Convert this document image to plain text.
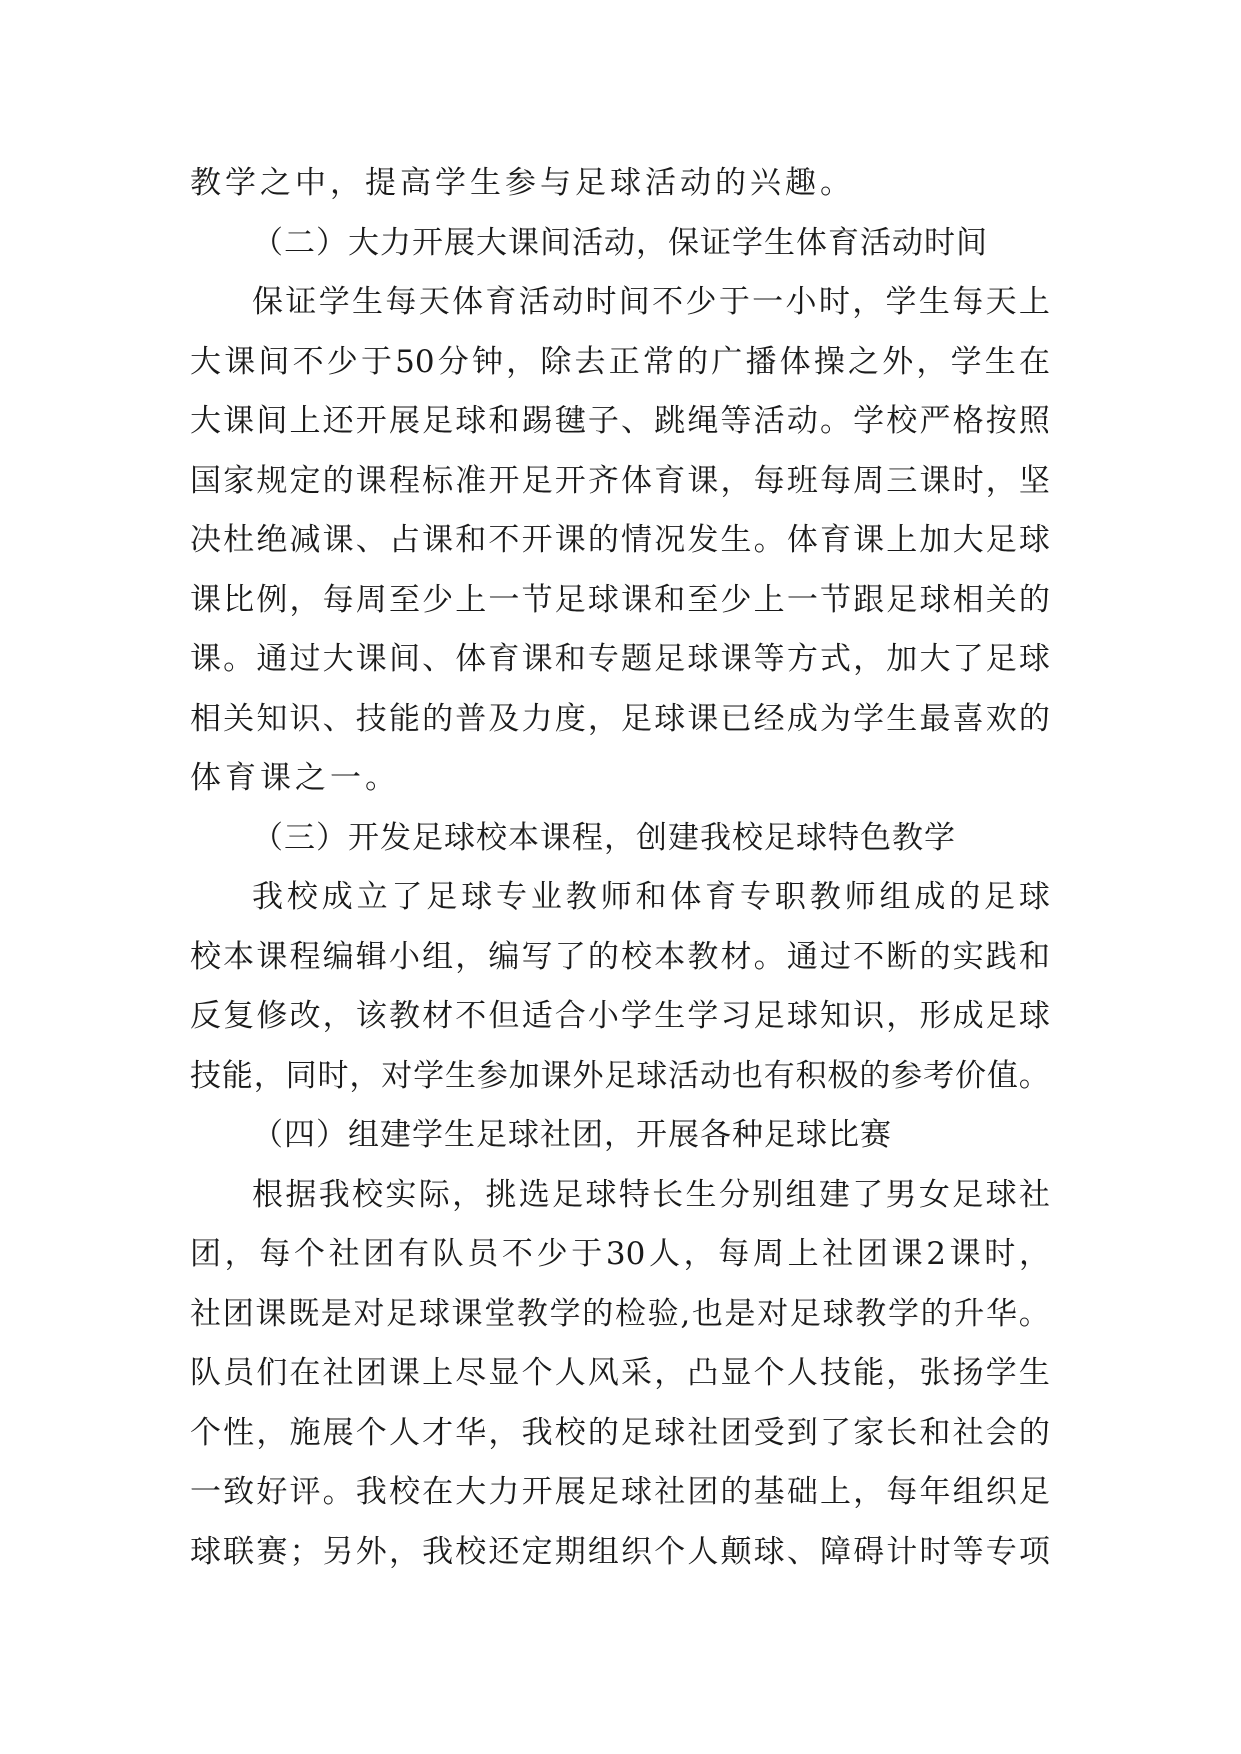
教学之中，提高学生参与足球活动的兴趣。
（二）大力开展大课间活动，保证学生体育活动时间
保 证 学 生 每 天 体 育 活 动 时 间 不 少 于 一 小 时 ， 学 生 每 天 上
大 课 间 不 少 于 50 分 钟 ， 除 去 正 常 的 广 播 体 操 之 外 ， 学 生 在
大 课 间 上 还 开 展 足 球 和 踢 毽 子 、 跳 绳 等 活 动 。 学 校 严 格 按 照
国 家 规 定 的 课 程 标 准 开 足 开 齐 体 育 课 ， 每 班 每 周 三 课 时 ， 坚
决 杜 绝 减 课 、 占 课 和 不 开 课 的 情 况 发 生 。 体 育 课 上 加 大 足 球
课 比 例 ， 每 周 至 少 上 一 节 足 球 课 和 至 少 上 一 节 跟 足 球 相 关 的
课 。 通 过 大 课 间 、 体 育 课 和 专 题 足 球 课 等 方 式 ， 加 大 了 足 球
相 关 知 识 、 技 能 的 普 及 力 度 ， 足 球 课 已 经 成 为 学 生 最 喜 欢 的
体育课之一。
（三）开发足球校本课程，创建我校足球特色教学
我 校 成 立 了 足 球 专 业 教 师 和 体 育 专 职 教 师 组 成 的 足 球
校 本 课 程 编 辑 小 组 ， 编 写 了 的 校 本 教 材 。 通 过 不 断 的 实 践 和
反 复 修 改 ， 该 教 材 不 但 适 合 小 学 生 学 习 足 球 知 识 ， 形 成 足 球
技 能 ， 同 时 ， 对 学 生 参 加 课 外 足 球 活 动 也 有 积 极 的 参 考 价 值 。
（四）组建学生足球社团，开展各种足球比赛
根 据 我 校 实 际 ， 挑 选 足 球 特 长 生 分 别 组 建 了 男 女 足 球 社
团 ， 每 个 社 团 有 队 员 不 少 于 30 人 ， 每 周 上 社 团 课 2 课 时 ，
社 团 课 既 是 对 足 球 课 堂 教 学 的 检 验 , 也 是 对 足 球 教 学 的 升 华 。
队 员 们 在 社 团 课 上 尽 显 个 人 风 采 ， 凸 显 个 人 技 能 ， 张 扬 学 生
个 性 ， 施 展 个 人 才 华 ， 我 校 的 足 球 社 团 受 到 了 家 长 和 社 会 的
一 致 好 评 。 我 校 在 大 力 开 展 足 球 社 团 的 基 础 上 ， 每 年 组 织 足
球 联 赛 ； 另 外 ， 我 校 还 定 期 组 织 个 人 颠 球 、 障 碍 计 时 等 专 项
